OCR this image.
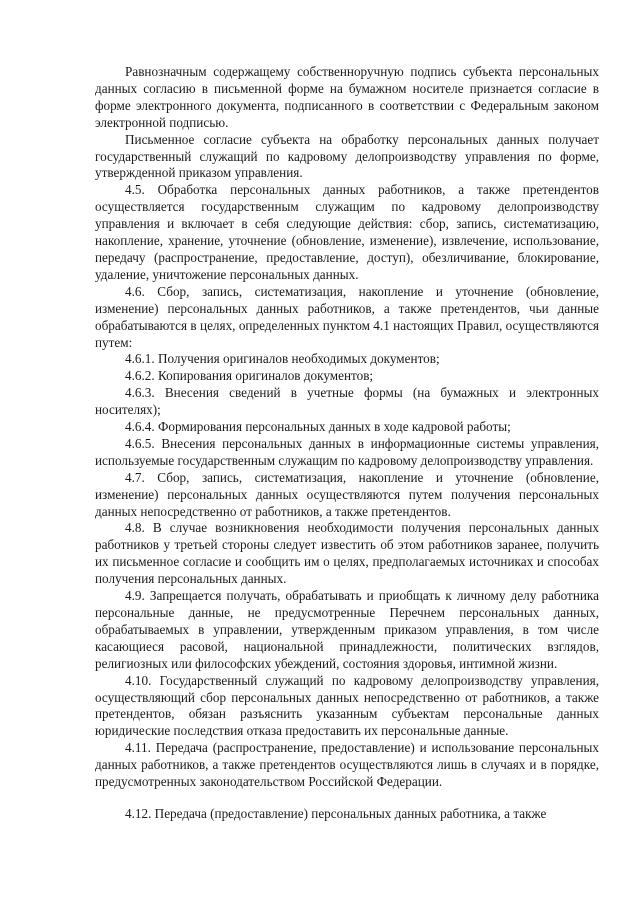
Равнозначным содержащему собственноручную подпись субъекта персональных данных согласию в письменной форме на бумажном носителе признается согласие в форме электронного документа, подписанного в соответствии с Федеральным законом электронной подписью.

Письменное согласие субъекта на обработку персональных данных получает государственный служащий по кадровому делопроизводству управления по форме, утвержденной приказом управления.

4.5. Обработка персональных данных работников, а также претендентов осуществляется государственным служащим по кадровому делопроизводству управления и включает в себя следующие действия: сбор, запись, систематизацию, накопление, хранение, уточнение (обновление, изменение), извлечение, использование, передачу (распространение, предоставление, доступ), обезличивание, блокирование, удаление, уничтожение персональных данных.

4.6. Сбор, запись, систематизация, накопление и уточнение (обновление, изменение) персональных данных работников, а также претендентов, чьи данные обрабатываются в целях, определенных пунктом 4.1 настоящих Правил, осуществляются путем:

4.6.1. Получения оригиналов необходимых документов;

4.6.2. Копирования оригиналов документов;

4.6.3. Внесения сведений в учетные формы (на бумажных и электронных носителях);

4.6.4. Формирования персональных данных в ходе кадровой работы;

4.6.5. Внесения персональных данных в информационные системы управления, используемые государственным служащим по кадровому делопроизводству управления.

4.7. Сбор, запись, систематизация, накопление и уточнение (обновление, изменение) персональных данных осуществляются путем получения персональных данных непосредственно от работников, а также претендентов.

4.8. В случае возникновения необходимости получения персональных данных работников у третьей стороны следует известить об этом работников заранее, получить их письменное согласие и сообщить им о целях, предполагаемых источниках и способах получения персональных данных.

4.9. Запрещается получать, обрабатывать и приобщать к личному делу работника персональные данные, не предусмотренные Перечнем персональных данных, обрабатываемых в управлении, утвержденным приказом управления, в том числе касающиеся расовой, национальной принадлежности, политических взглядов, религиозных или философских убеждений, состояния здоровья, интимной жизни.

4.10. Государственный служащий по кадровому делопроизводству управления, осуществляющий сбор персональных данных непосредственно от работников, а также претендентов, обязан разъяснить указанным субъектам персональные данных юридические последствия отказа предоставить их персональные данные.

4.11. Передача (распространение, предоставление) и использование персональных данных работников, а также претендентов осуществляются лишь в случаях и в порядке, предусмотренных законодательством Российской Федерации.

4.12. Передача (предоставление) персональных данных работника, а также
